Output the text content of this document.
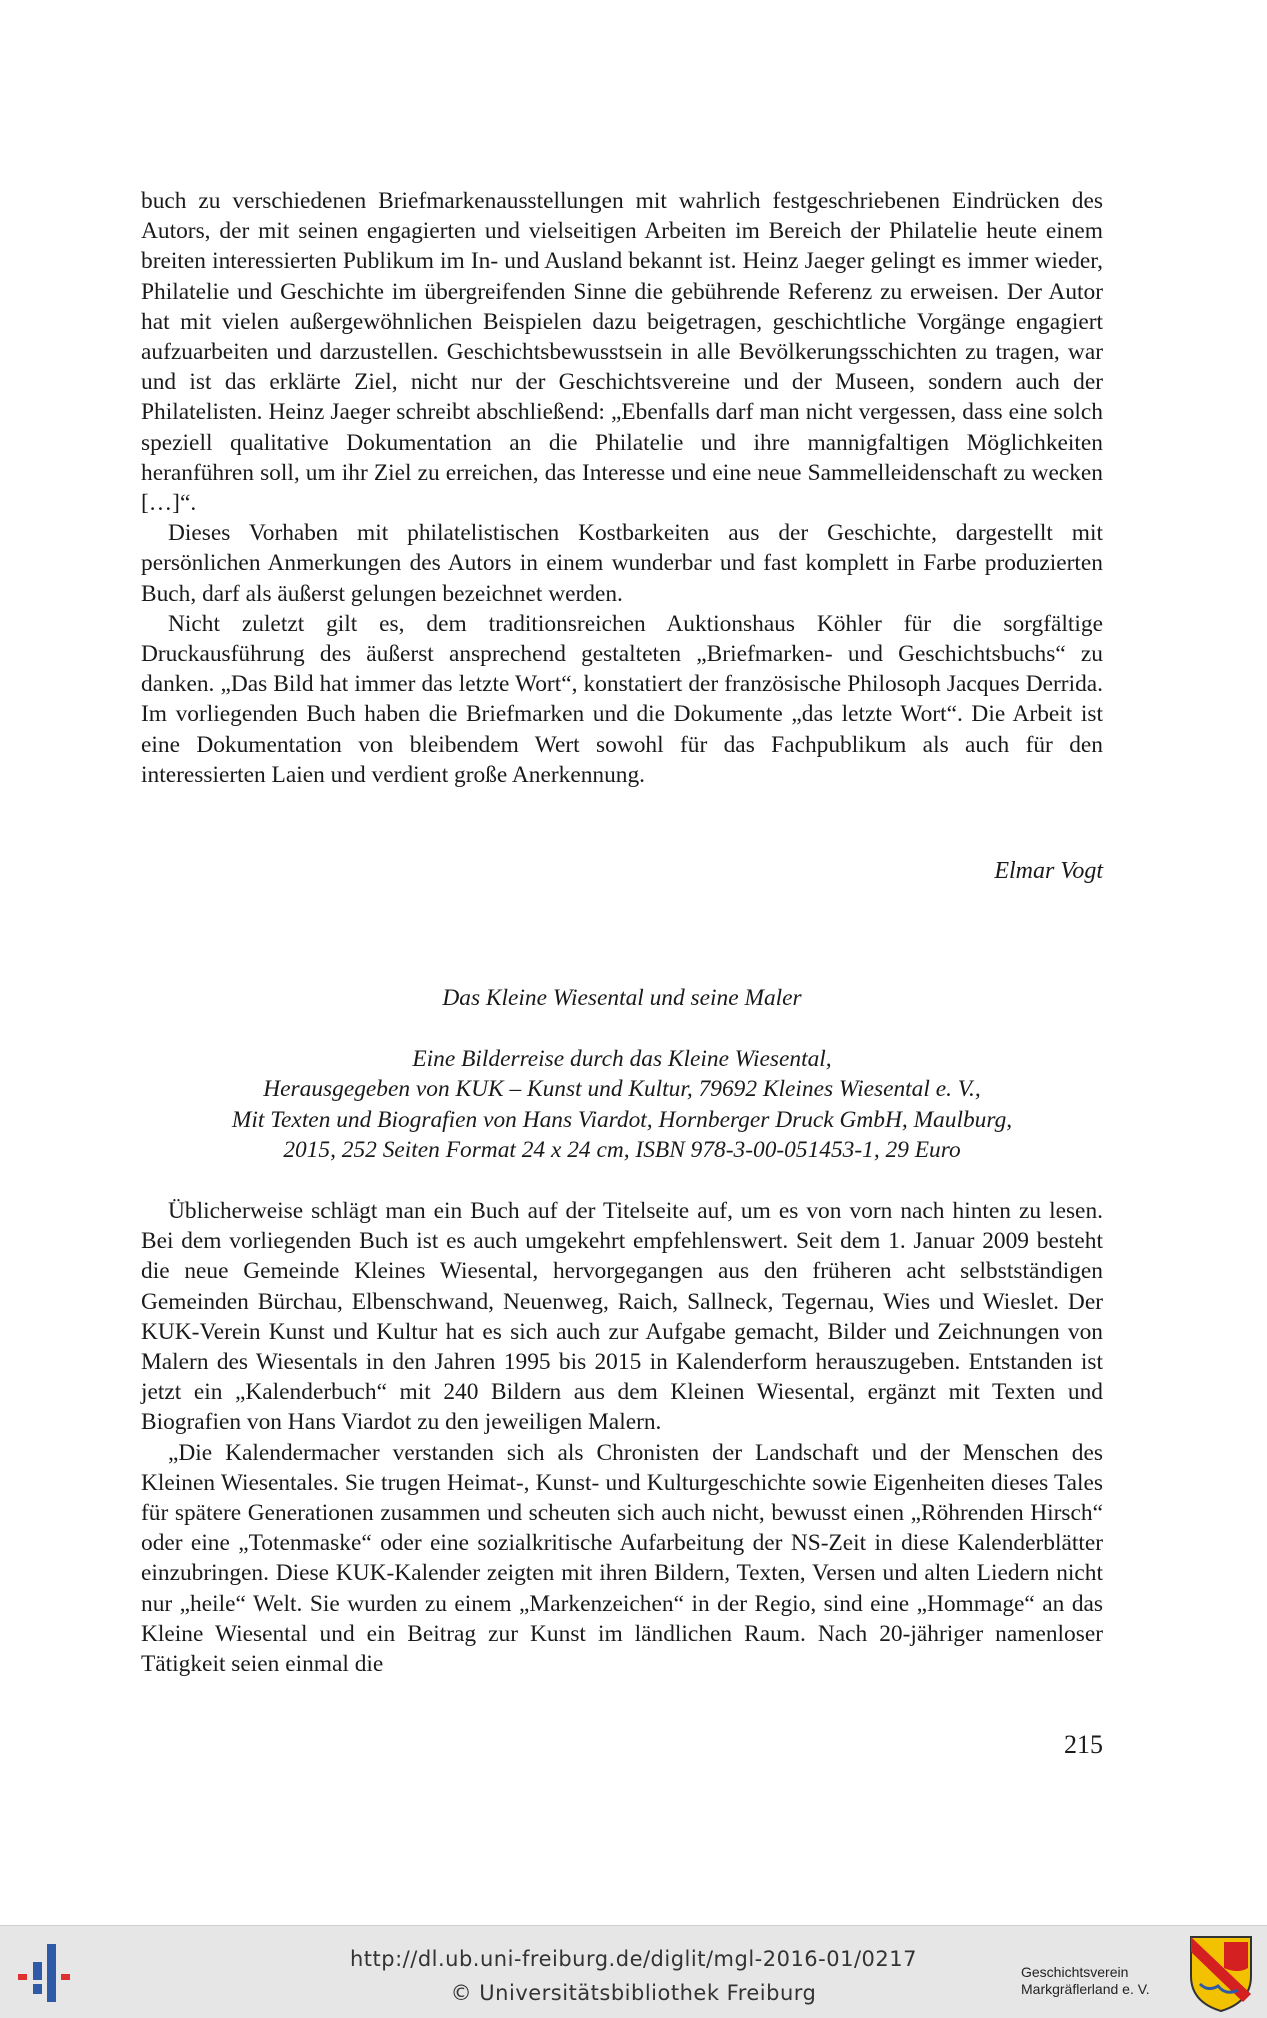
buch zu verschiedenen Briefmarkenausstellungen mit wahrlich festgeschriebenen Eindrücken des Autors, der mit seinen engagierten und vielseitigen Arbeiten im Bereich der Philatelie heute einem breiten interessierten Publikum im In- und Ausland bekannt ist. Heinz Jaeger gelingt es immer wieder, Philatelie und Geschichte im übergreifenden Sinne die gebührende Referenz zu erweisen. Der Autor hat mit vielen außergewöhnlichen Beispielen dazu beigetragen, geschichtliche Vorgänge engagiert aufzuarbeiten und darzustellen. Geschichtsbewusstsein in alle Bevölkerungsschichten zu tragen, war und ist das erklärte Ziel, nicht nur der Geschichtsvereine und der Museen, sondern auch der Philatelisten. Heinz Jaeger schreibt abschließend: „Ebenfalls darf man nicht vergessen, dass eine solch speziell qualitative Dokumentation an die Philatelie und ihre mannigfaltigen Möglichkeiten heranführen soll, um ihr Ziel zu erreichen, das Interesse und eine neue Sammelleidenschaft zu wecken […]“.

Dieses Vorhaben mit philatelistischen Kostbarkeiten aus der Geschichte, dargestellt mit persönlichen Anmerkungen des Autors in einem wunderbar und fast komplett in Farbe produzierten Buch, darf als äußerst gelungen bezeichnet werden.

Nicht zuletzt gilt es, dem traditionsreichen Auktionshaus Köhler für die sorgfältige Druckausführung des äußerst ansprechend gestalteten „Briefmarken- und Geschichtsbuchs“ zu danken. „Das Bild hat immer das letzte Wort“, konstatiert der französische Philosoph Jacques Derrida. Im vorliegenden Buch haben die Briefmarken und die Dokumente „das letzte Wort“. Die Arbeit ist eine Dokumentation von bleibendem Wert sowohl für das Fachpublikum als auch für den interessierten Laien und verdient große Anerkennung.

Elmar Vogt

Das Kleine Wiesental und seine Maler

Eine Bilderreise durch das Kleine Wiesental,

Herausgegeben von KUK – Kunst und Kultur, 79692 Kleines Wiesental e. V.,

Mit Texten und Biografien von Hans Viardot, Hornberger Druck GmbH, Maulburg,

2015, 252 Seiten Format 24 x 24 cm, ISBN 978-3-00-051453-1, 29 Euro

Üblicherweise schlägt man ein Buch auf der Titelseite auf, um es von vorn nach hinten zu lesen. Bei dem vorliegenden Buch ist es auch umgekehrt empfehlenswert. Seit dem 1. Januar 2009 besteht die neue Gemeinde Kleines Wiesental, hervorgegangen aus den früheren acht selbstständigen Gemeinden Bürchau, Elbenschwand, Neuenweg, Raich, Sallneck, Tegernau, Wies und Wieslet. Der KUK-Verein Kunst und Kultur hat es sich auch zur Aufgabe gemacht, Bilder und Zeichnungen von Malern des Wiesentals in den Jahren 1995 bis 2015 in Kalenderform herauszugeben. Entstanden ist jetzt ein „Kalenderbuch“ mit 240 Bildern aus dem Kleinen Wiesental, ergänzt mit Texten und Biografien von Hans Viardot zu den jeweiligen Malern.

„Die Kalendermacher verstanden sich als Chronisten der Landschaft und der Menschen des Kleinen Wiesentales. Sie trugen Heimat-, Kunst- und Kulturgeschichte sowie Eigenheiten dieses Tales für spätere Generationen zusammen und scheuten sich auch nicht, bewusst einen „Röhrenden Hirsch“ oder eine „Totenmaske“ oder eine sozialkritische Aufarbeitung der NS-Zeit in diese Kalenderblätter einzubringen. Diese KUK-Kalender zeigten mit ihren Bildern, Texten, Versen und alten Liedern nicht nur „heile“ Welt. Sie wurden zu einem „Markenzeichen“ in der Regio, sind eine „Hommage“ an das Kleine Wiesental und ein Beitrag zur Kunst im ländlichen Raum. Nach 20-jähriger namenloser Tätigkeit seien einmal die

215
http://dl.ub.uni-freiburg.de/diglit/mgl-2016-01/0217
© Universitätsbibliothek Freiburg
Geschichtsverein
Markgräflerland e. V.
